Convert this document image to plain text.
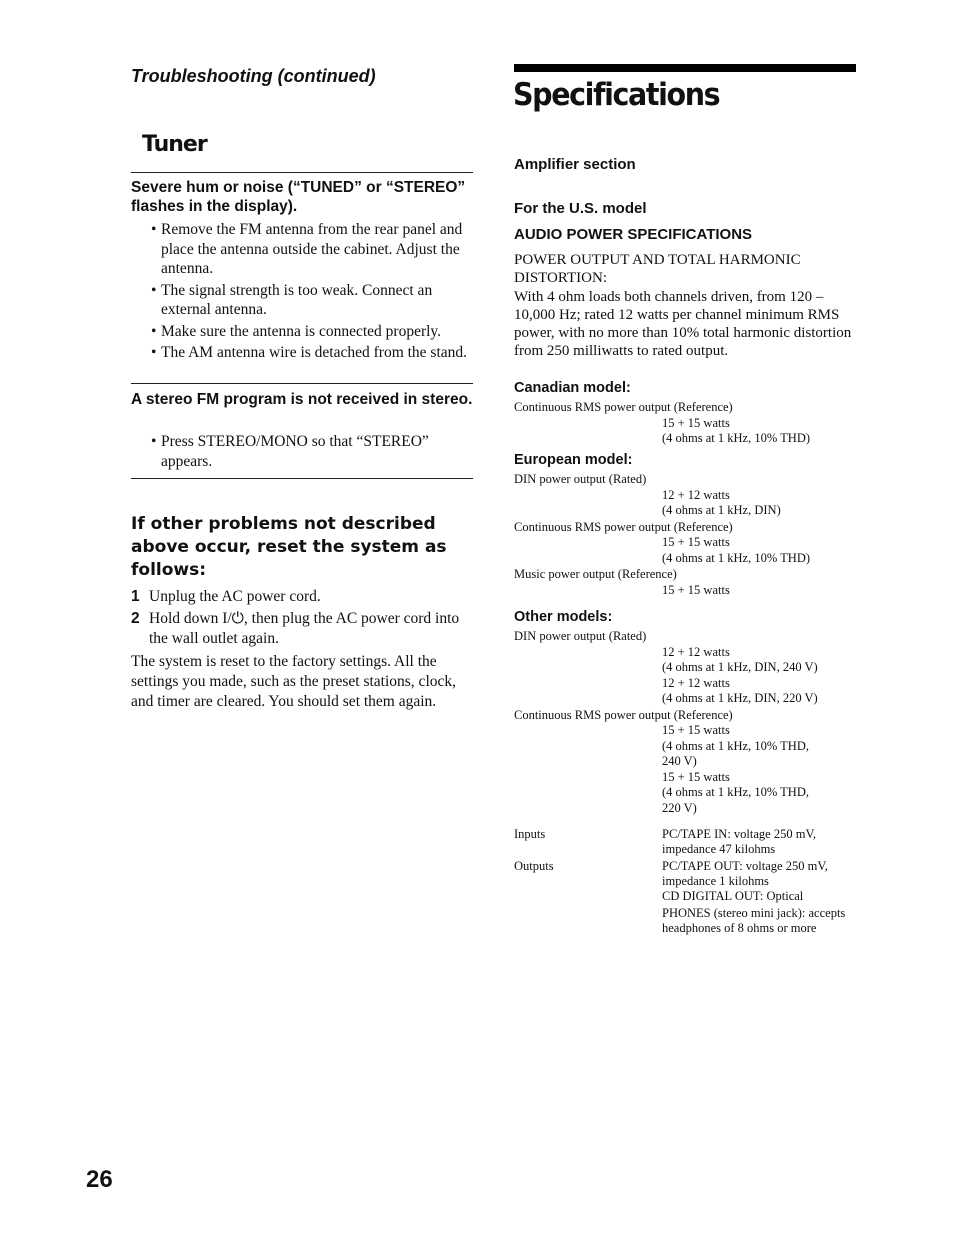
Troubleshooting (continued)
Tuner

Severe hum or noise (“TUNED” or “STEREO” flashes in the display).

• Remove the FM antenna from the rear panel and place the antenna outside the cabinet. Adjust the antenna.
• The signal strength is too weak. Connect an external antenna.
• Make sure the antenna is connected properly.
• The AM antenna wire is detached from the stand.

A stereo FM program is not received in stereo.

• Press STEREO/MONO so that “STEREO” appears.

If other problems not described above occur, reset the system as follows:

1 Unplug the AC power cord.
2 Hold down I/⏻, then plug the AC power cord into the wall outlet again.

The system is reset to the factory settings. All the settings you made, such as the preset stations, clock, and timer are cleared. You should set them again.

Specifications

Amplifier section

For the U.S. model

AUDIO POWER SPECIFICATIONS

POWER OUTPUT AND TOTAL HARMONIC DISTORTION:

With 4 ohm loads both channels driven, from 120 – 10,000 Hz; rated 12 watts per channel minimum RMS power, with no more than 10% total harmonic distortion from 250 milliwatts to rated output.

Canadian model:

Continuous RMS power output (Reference)
15 + 15 watts
(4 ohms at 1 kHz, 10% THD)

European model:

DIN power output (Rated)
12 + 12 watts
(4 ohms at 1 kHz, DIN)
Continuous RMS power output (Reference)
15 + 15 watts
(4 ohms at 1 kHz, 10% THD)
Music power output (Reference)
15 + 15 watts

Other models:

DIN power output (Rated)
12 + 12 watts
(4 ohms at 1 kHz, DIN, 240 V)
12 + 12 watts
(4 ohms at 1 kHz, DIN, 220 V)
Continuous RMS power output (Reference)
15 + 15 watts
(4 ohms at 1 kHz, 10% THD,
240 V)
15 + 15 watts
(4 ohms at 1 kHz, 10% THD,
220 V)
Inputs	PC/TAPE IN: voltage 250 mV, impedance 47 kilohms
Outputs	PC/TAPE OUT: voltage 250 mV, impedance 1 kilohms
CD DIGITAL OUT: Optical
PHONES (stereo mini jack): accepts headphones of 8 ohms or more

26
